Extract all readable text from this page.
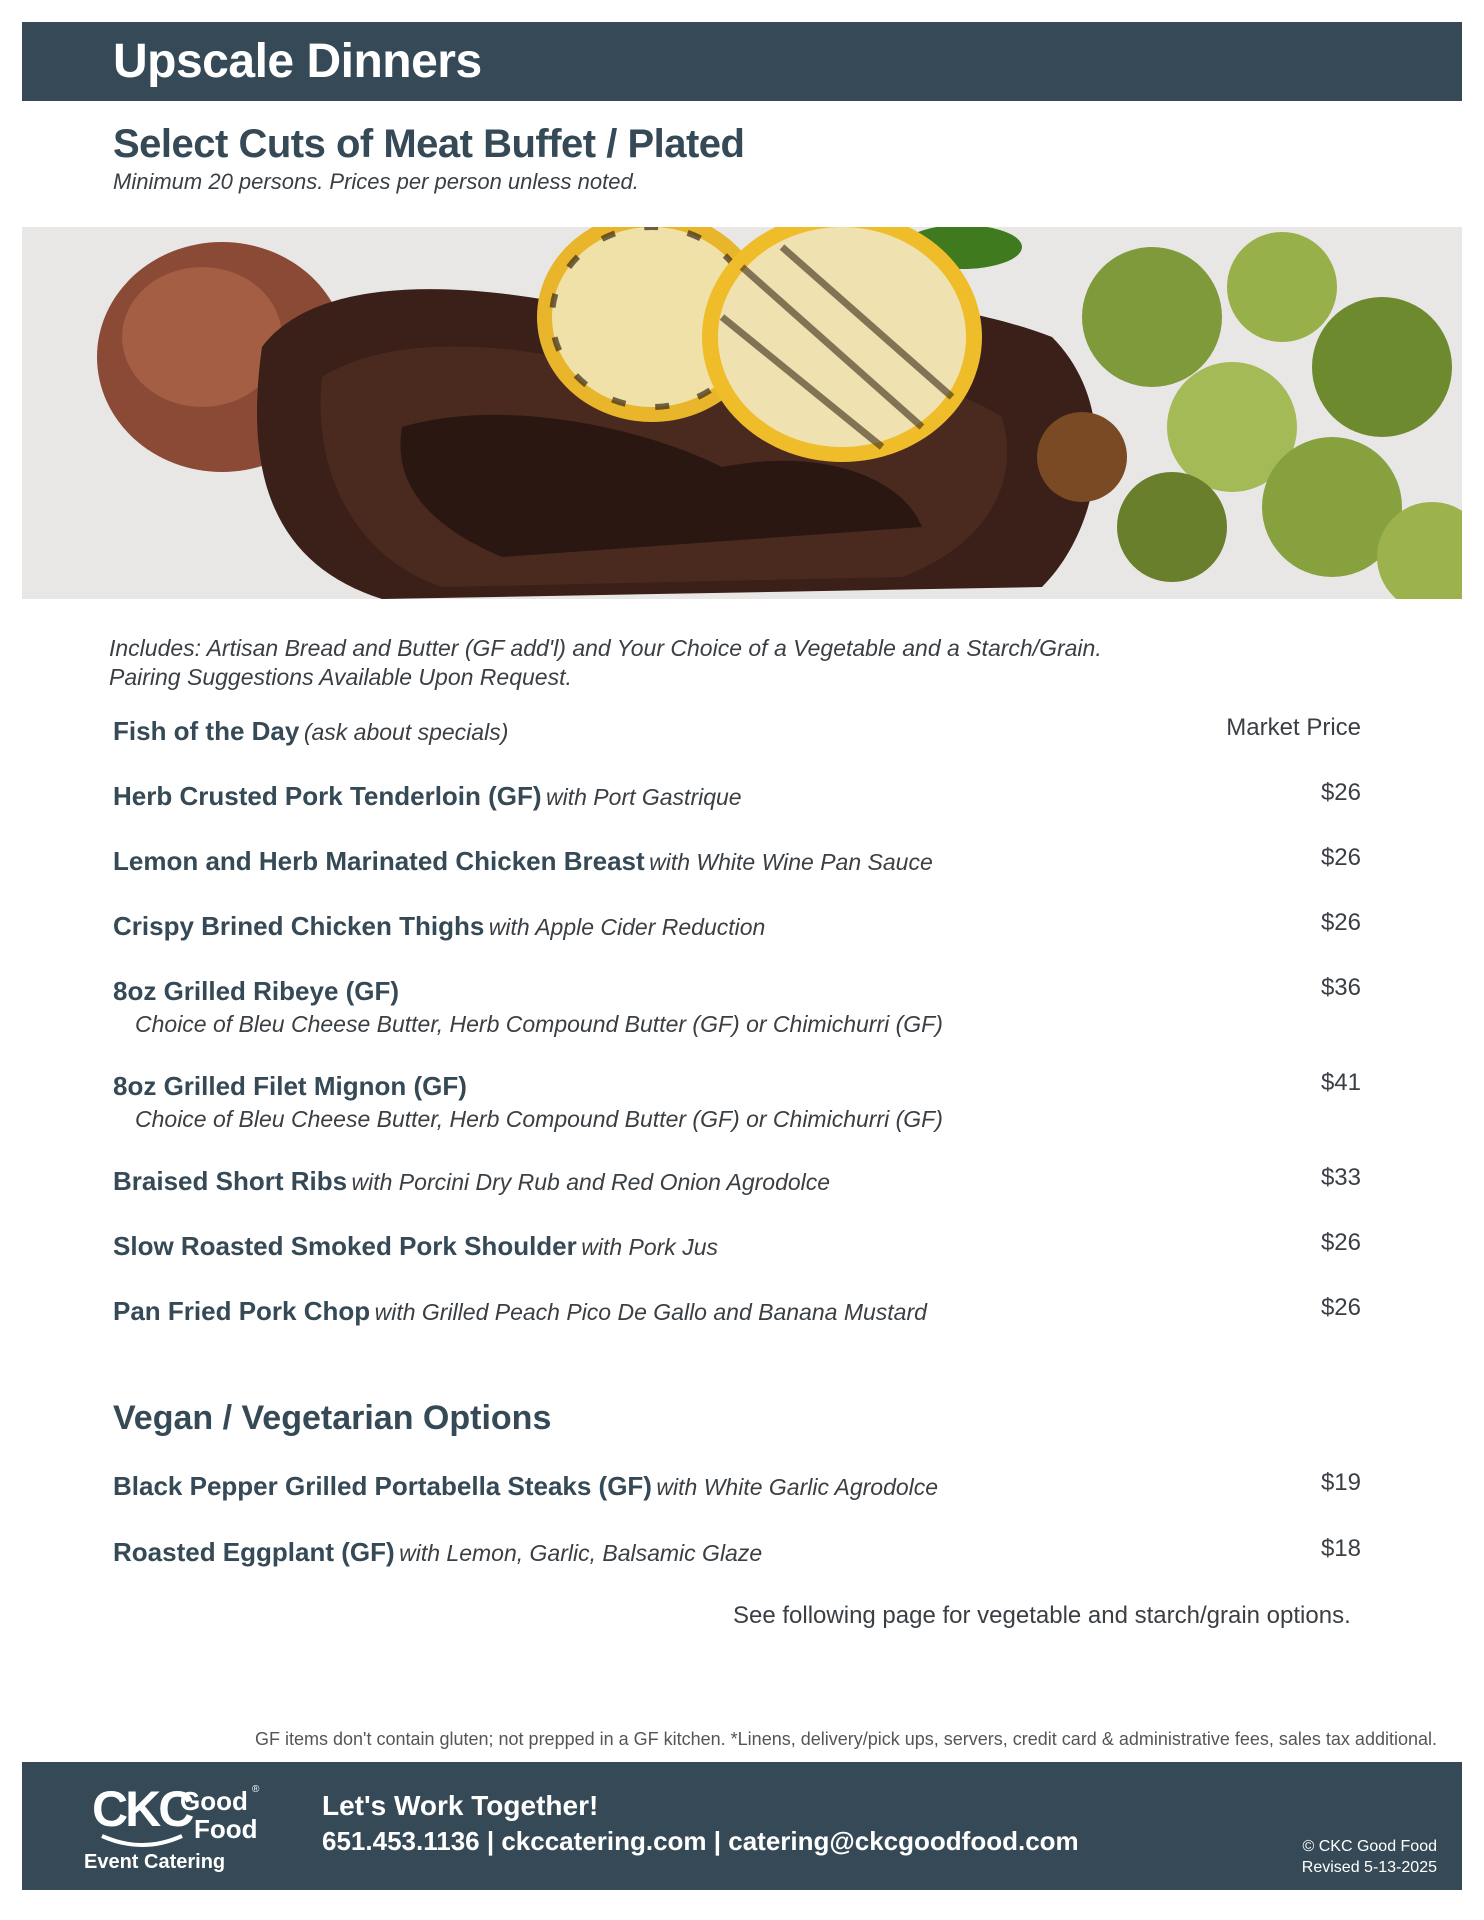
Upscale Dinners
Select Cuts of Meat Buffet / Plated

Minimum 20 persons. Prices per person unless noted.

Includes: Artisan Bread and Butter (GF add'l) and Your Choice of a Vegetable and a Starch/Grain.
Pairing Suggestions Available Upon Request.
Fish of the Day (ask about specials)	Market Price
Herb Crusted Pork Tenderloin (GF) with Port Gastrique	$26
Lemon and Herb Marinated Chicken Breast with White Wine Pan Sauce	$26
Crispy Brined Chicken Thighs with Apple Cider Reduction	$26
8oz Grilled Ribeye (GF)
Choice of Bleu Cheese Butter, Herb Compound Butter (GF) or Chimichurri (GF)
$36
8oz Grilled Filet Mignon (GF)
Choice of Bleu Cheese Butter, Herb Compound Butter (GF) or Chimichurri (GF)
$41
Braised Short Ribs with Porcini Dry Rub and Red Onion Agrodolce	$33
Slow Roasted Smoked Pork Shoulder with Pork Jus	$26
Pan Fried Pork Chop with Grilled Peach Pico De Gallo and Banana Mustard	$26
Vegan / Vegetarian Options
Black Pepper Grilled Portabella Steaks (GF) with White Garlic Agrodolce	$19
Roasted Eggplant (GF) with Lemon, Garlic, Balsamic Glaze	$18
See following page for vegetable and starch/grain options.
GF items don't contain gluten; not prepped in a GF kitchen. *Linens, delivery/pick ups, servers, credit card & administrative fees, sales tax additional.
CKC
Good
Food
®
Event Catering
Let's Work Together!
651.453.1136 | ckccatering.com | catering@ckcgoodfood.com	© CKC Good Food
Revised 5-13-2025
